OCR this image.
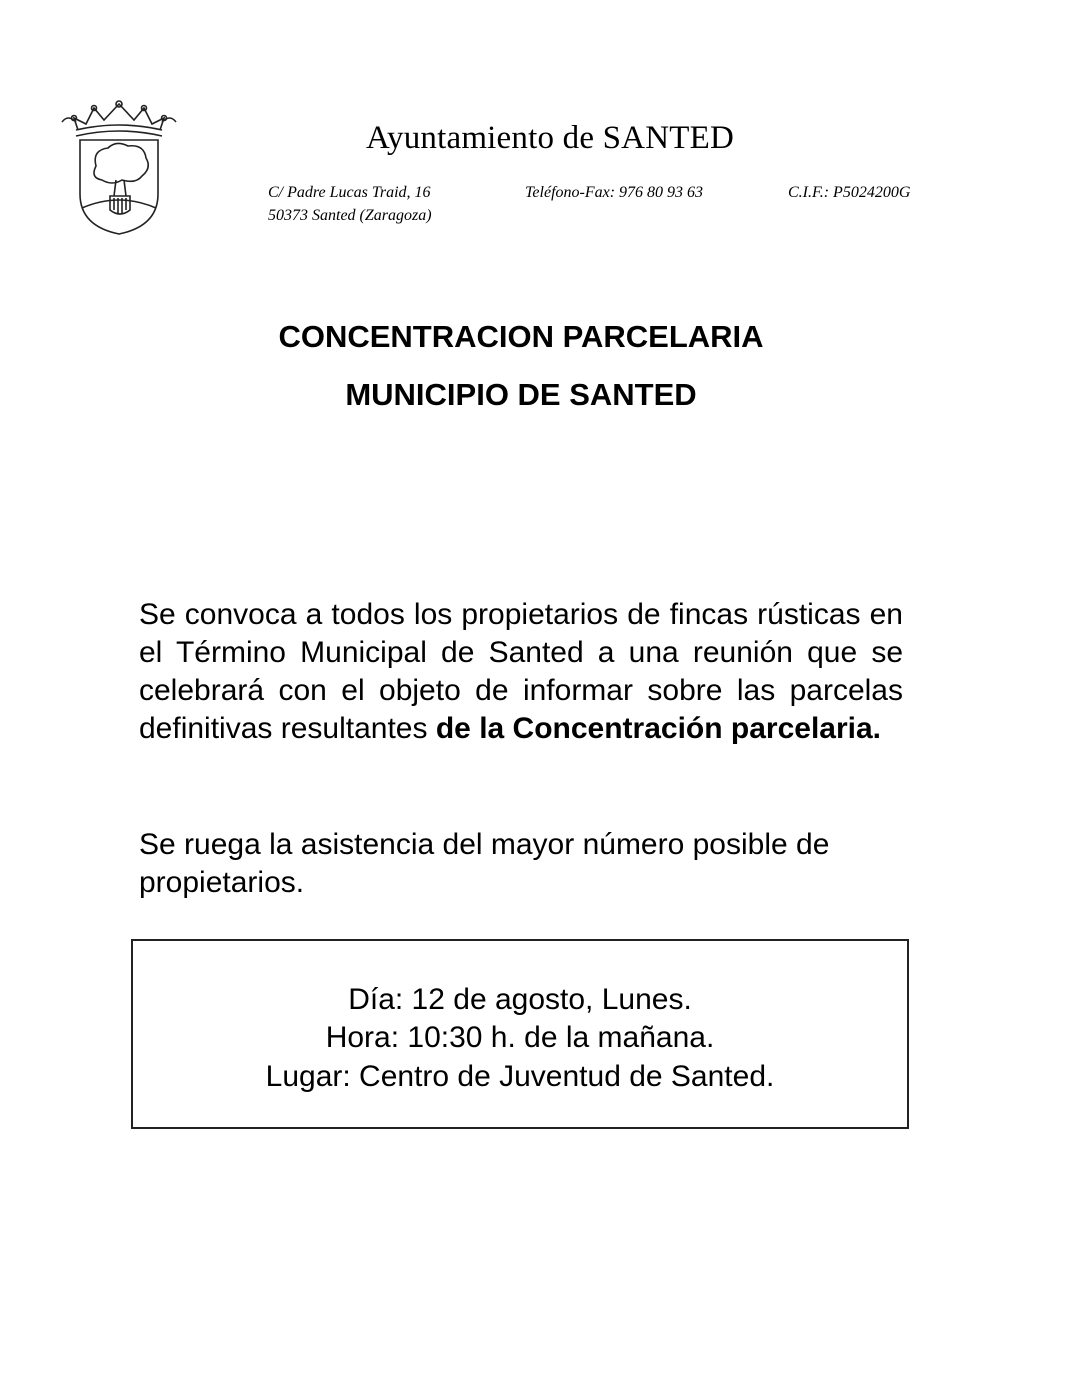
Ayuntamiento de SANTED
C/ Padre Lucas Traid, 16
50373 Santed (Zaragoza)
Teléfono-Fax: 976 80 93 63	C.I.F.: P5024200G
CONCENTRACION PARCELARIA
MUNICIPIO DE SANTED

Se convoca a todos los propietarios de fincas rústicas en el Término Municipal de Santed a una reunión que se celebrará con el objeto de informar sobre las parcelas definitivas resultantes de la Concentración parcelaria.

Se ruega la asistencia del mayor número posible de propietarios.

Día: 12 de agosto, Lunes.
Hora: 10:30 h. de la mañana.
Lugar: Centro de Juventud de Santed.
